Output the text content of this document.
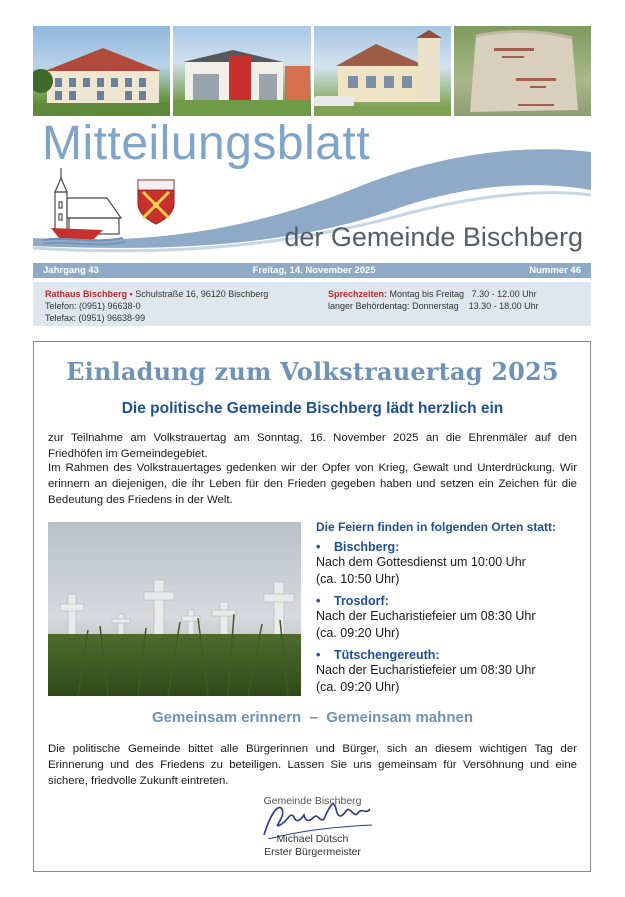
Mitteilungsblatt
der Gemeinde Bischberg
Jahrgang 43	Freitag, 14. November 2025	Nummer 46
Rathaus Bischberg • Schulstraße 16, 96120 Bischberg
Telefon: (0951) 96638-0
Telefax: (0951) 96638-99
Sprechzeiten: Montag bis Freitag 7.30 - 12.00 Uhr
langer Behördentag: Donnerstag 13.30 - 18.00 Uhr
Einladung zum Volkstrauertag 2025
Die politische Gemeinde Bischberg lädt herzlich ein

zur Teilnahme am Volkstrauertag am Sonntag, 16. November 2025 an die Ehrenmäler auf den Friedhöfen im Gemeindegebiet.

Im Rahmen des Volkstrauertages gedenken wir der Opfer von Krieg, Gewalt und Unterdrückung. Wir erinnern an diejenigen, die ihr Leben für den Frieden gegeben haben und setzen ein Zeichen für die Bedeutung des Friedens in der Welt.

Die Feiern finden in folgenden Orten statt:
• Bischberg:
Nach dem Gottesdienst um 10:00 Uhr
(ca. 10:50 Uhr)
• Trosdorf:
Nach der Eucharistiefeier um 08:30 Uhr
(ca. 09:20 Uhr)
• Tütschengereuth:
Nach der Eucharistiefeier um 08:30 Uhr
(ca. 09:20 Uhr)
Gemeinsam erinnern – Gemeinsam mahnen

Die politische Gemeinde bittet alle Bürgerinnen und Bürger, sich an diesem wichtigen Tag der Erinnerung und des Friedens zu beteiligen. Lassen Sie uns gemeinsam für Versöhnung und eine sichere, friedvolle Zukunft eintreten.

Gemeinde Bischberg
Michael Dütsch
Erster Bürgermeister
